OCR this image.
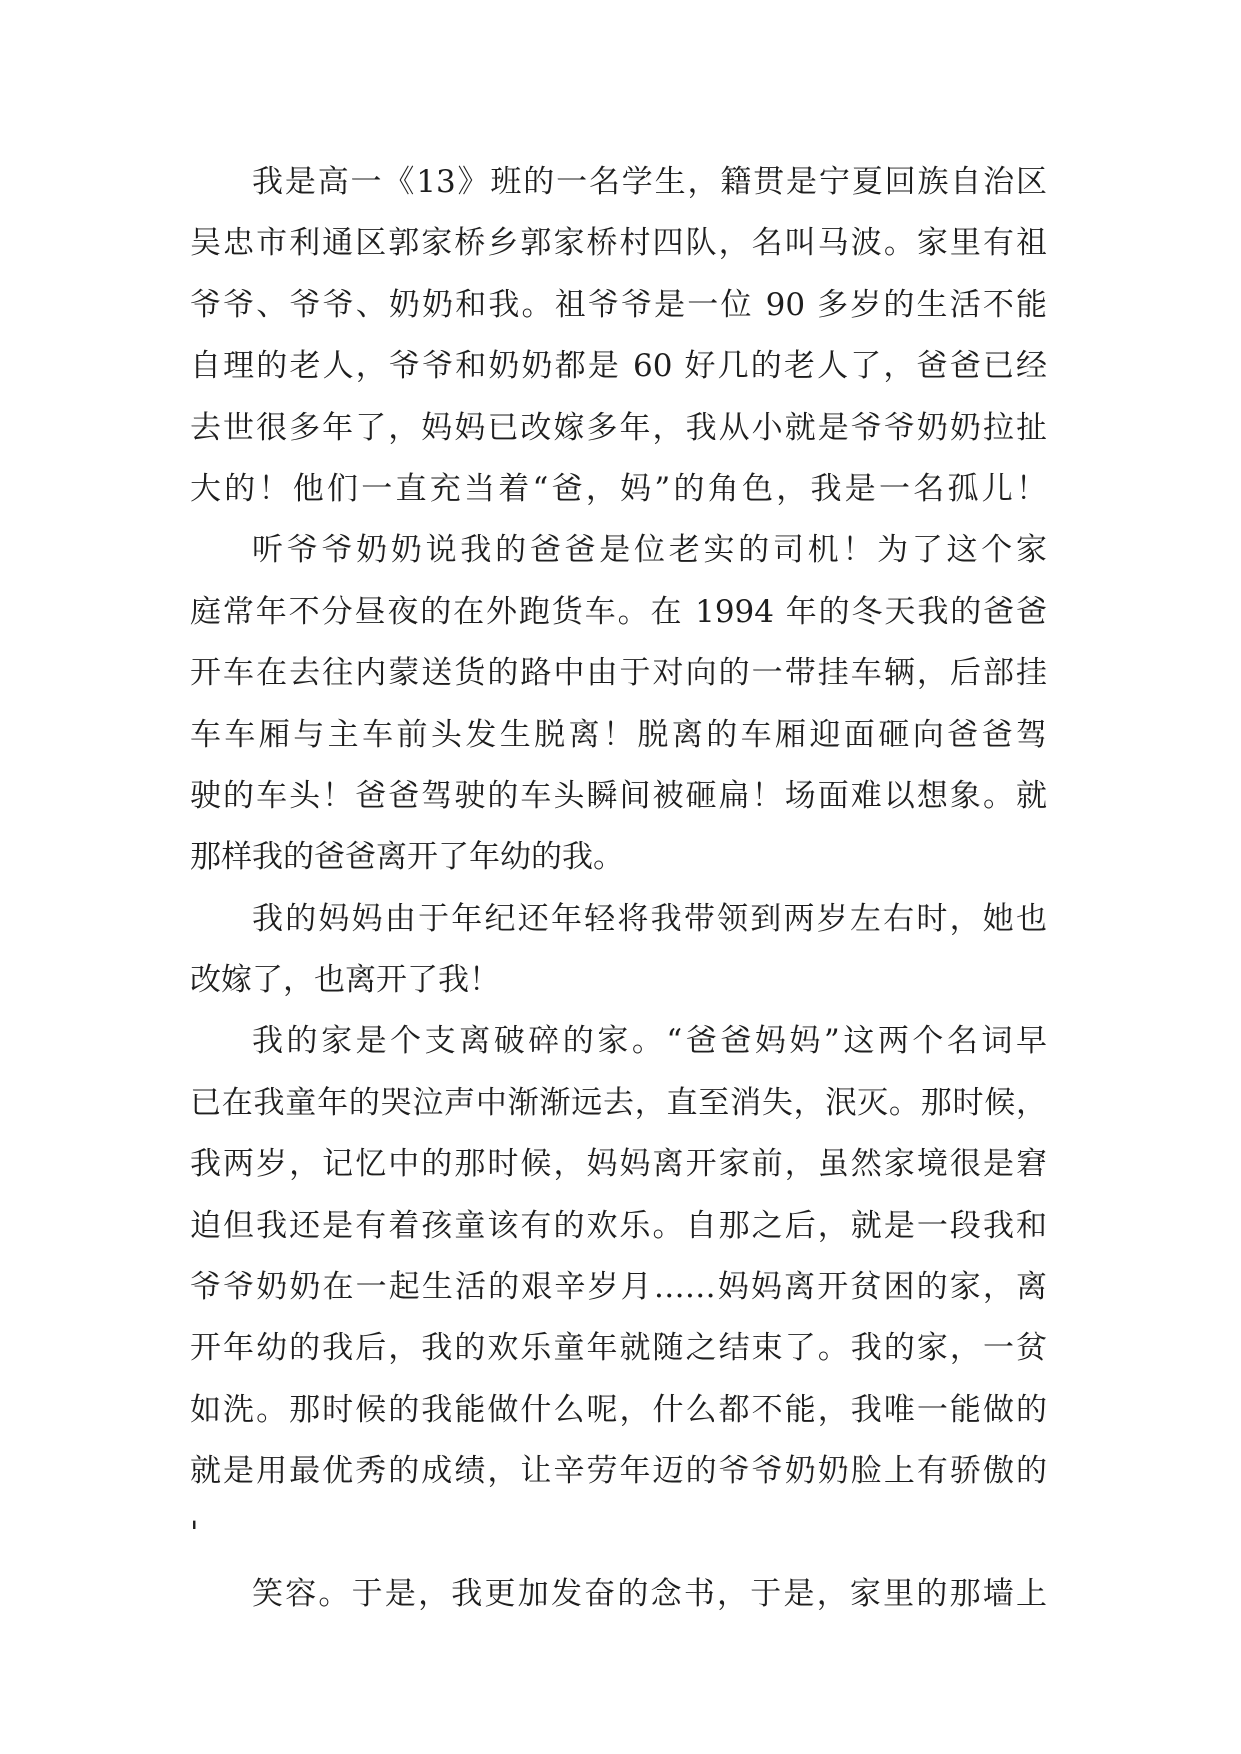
我是高一《13》班的一名学生，籍贯是宁夏回族自治区
吴忠市利通区郭家桥乡郭家桥村四队，名叫马波。家里有祖
爷爷、爷爷、奶奶和我。祖爷爷是一位 90 多岁的生活不能
自理的老人，爷爷和奶奶都是 60 好几的老人了，爸爸已经
去世很多年了，妈妈已改嫁多年，我从小就是爷爷奶奶拉扯
大的！他们一直充当着“爸，妈”的角色，我是一名孤儿！
听爷爷奶奶说我的爸爸是位老实的司机！为了这个家
庭常年不分昼夜的在外跑货车。在 1994 年的冬天我的爸爸
开车在去往内蒙送货的路中由于对向的一带挂车辆，后部挂
车车厢与主车前头发生脱离！脱离的车厢迎面砸向爸爸驾
驶的车头！爸爸驾驶的车头瞬间被砸扁！场面难以想象。就
那样我的爸爸离开了年幼的我。
我的妈妈由于年纪还年轻将我带领到两岁左右时，她也
改嫁了，也离开了我！
我的家是个支离破碎的家。“爸爸妈妈”这两个名词早
已在我童年的哭泣声中渐渐远去，直至消失，泯灭。那时候，
我两岁，记忆中的那时候，妈妈离开家前，虽然家境很是窘
迫但我还是有着孩童该有的欢乐。自那之后，就是一段我和
爷爷奶奶在一起生活的艰辛岁月……妈妈离开贫困的家，离
开年幼的我后，我的欢乐童年就随之结束了。我的家，一贫
如洗。那时候的我能做什么呢，什么都不能，我唯一能做的
就是用最优秀的成绩，让辛劳年迈的爷爷奶奶脸上有骄傲的
'
笑容。于是，我更加发奋的念书，于是，家里的那墙上
